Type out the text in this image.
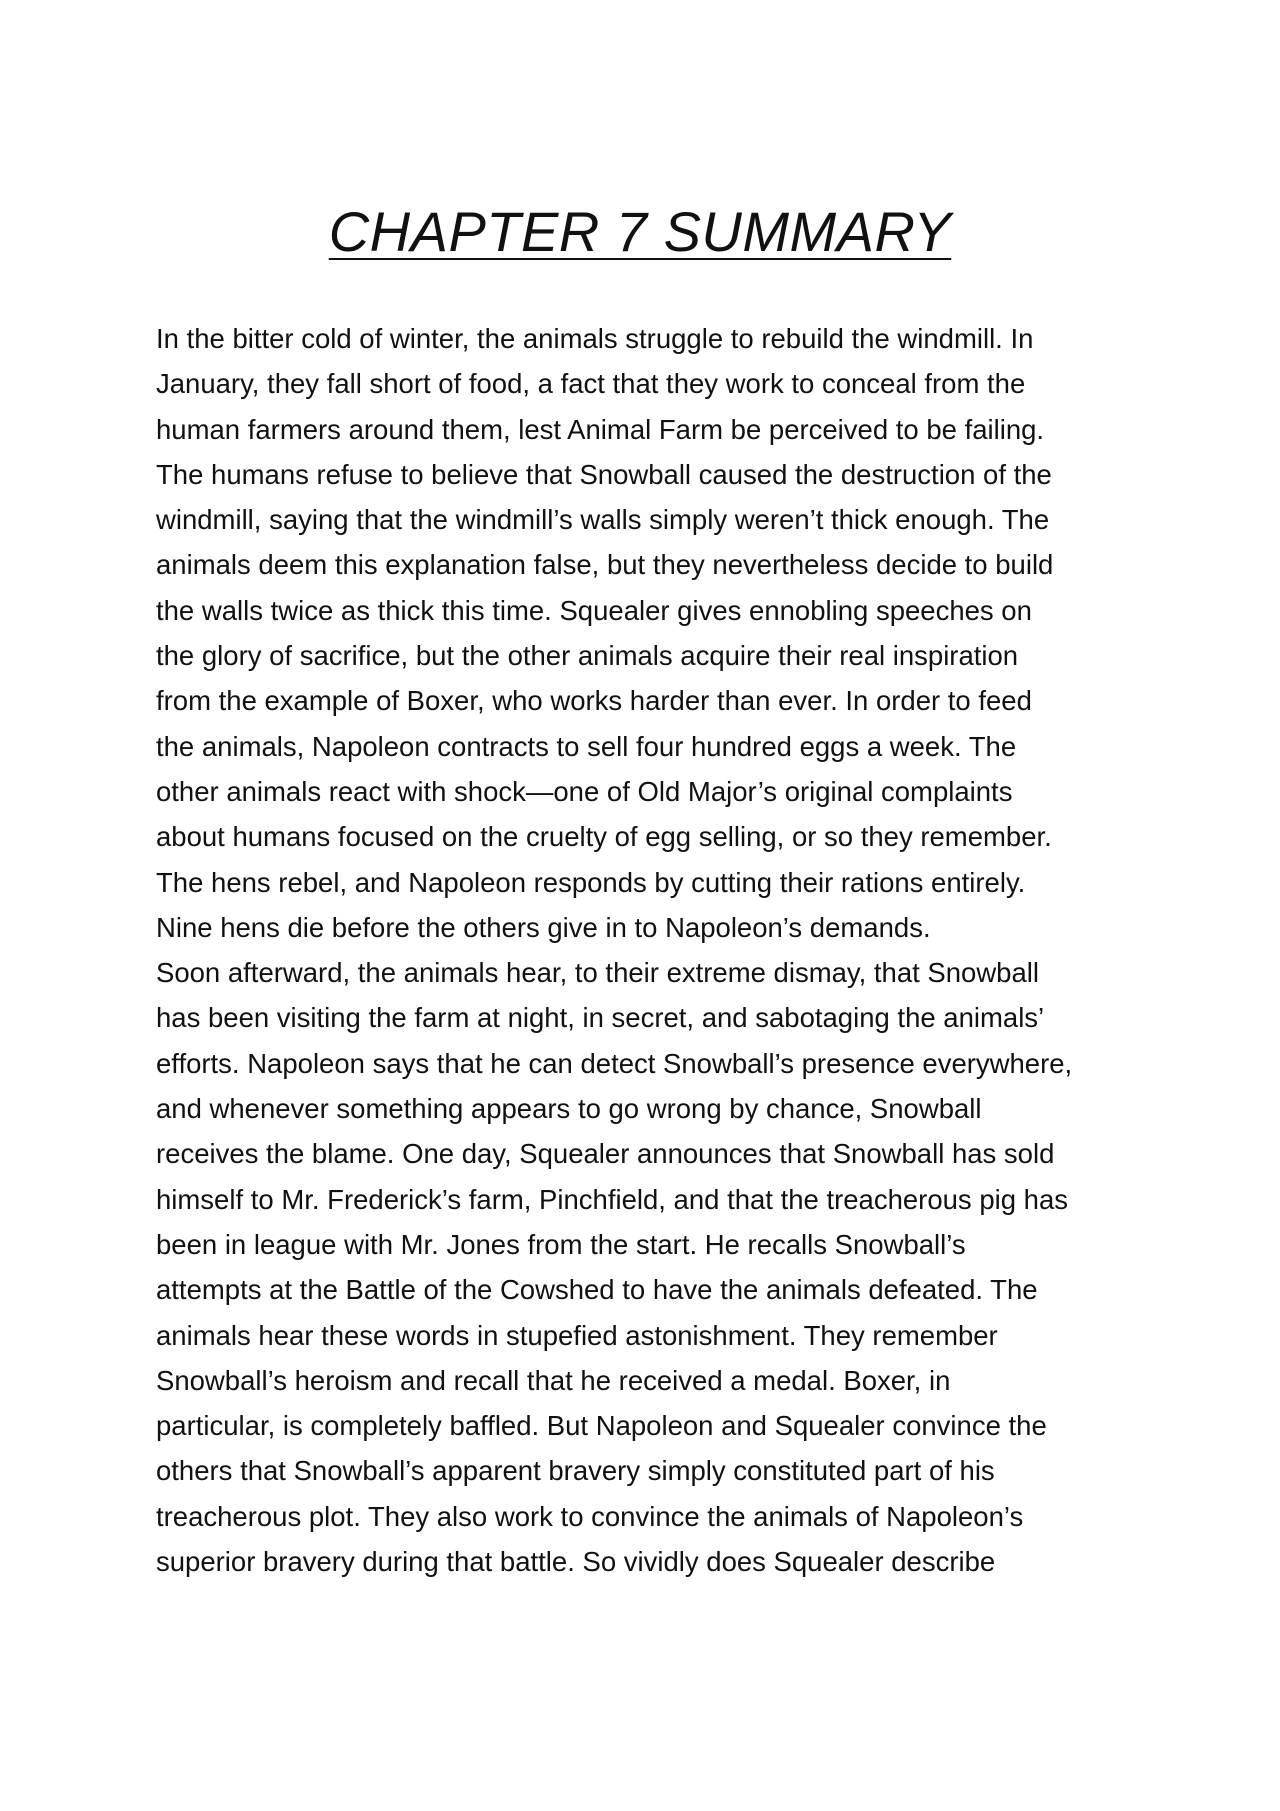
CHAPTER 7 SUMMARY
In the bitter cold of winter, the animals struggle to rebuild the windmill. In
January, they fall short of food, a fact that they work to conceal from the
human farmers around them, lest Animal Farm be perceived to be failing.
The humans refuse to believe that Snowball caused the destruction of the
windmill, saying that the windmill’s walls simply weren’t thick enough. The
animals deem this explanation false, but they nevertheless decide to build
the walls twice as thick this time. Squealer gives ennobling speeches on
the glory of sacrifice, but the other animals acquire their real inspiration
from the example of Boxer, who works harder than ever. In order to feed
the animals, Napoleon contracts to sell four hundred eggs a week. The
other animals react with shock—one of Old Major’s original complaints
about humans focused on the cruelty of egg selling, or so they remember.
The hens rebel, and Napoleon responds by cutting their rations entirely.
Nine hens die before the others give in to Napoleon’s demands.
Soon afterward, the animals hear, to their extreme dismay, that Snowball
has been visiting the farm at night, in secret, and sabotaging the animals’
efforts. Napoleon says that he can detect Snowball’s presence everywhere,
and whenever something appears to go wrong by chance, Snowball
receives the blame. One day, Squealer announces that Snowball has sold
himself to Mr. Frederick’s farm, Pinchfield, and that the treacherous pig has
been in league with Mr. Jones from the start. He recalls Snowball’s
attempts at the Battle of the Cowshed to have the animals defeated. The
animals hear these words in stupefied astonishment. They remember
Snowball’s heroism and recall that he received a medal. Boxer, in
particular, is completely baffled. But Napoleon and Squealer convince the
others that Snowball’s apparent bravery simply constituted part of his
treacherous plot. They also work to convince the animals of Napoleon’s
superior bravery during that battle. So vividly does Squealer describe
